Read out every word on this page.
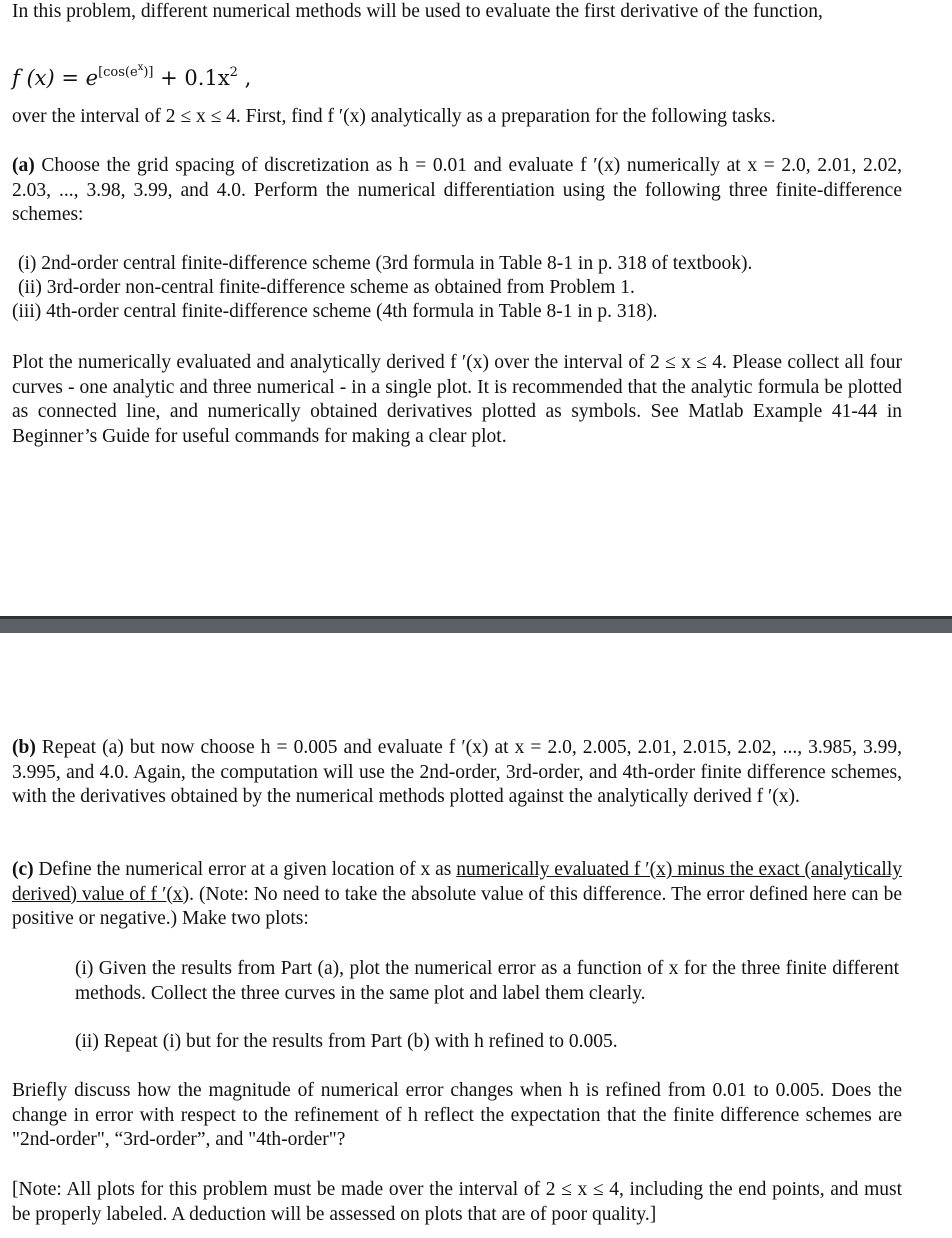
In this problem, different numerical methods will be used to evaluate the first derivative of the function,

f $(x) = e[\cos(ex)] + 0.1x^2$ ,

over the interval of 2 ≤ x ≤ 4. First, find f ′(x) analytically as a preparation for the following tasks.

(a) Choose the grid spacing of discretization as h = 0.01 and evaluate f ′(x) numerically at x = 2.0, 2.01, 2.02, 2.03, ..., 3.98, 3.99, and 4.0. Perform the numerical differentiation using the following three finite-difference schemes:

(i) 2nd-order central finite-difference scheme (3rd formula in Table 8-1 in p. 318 of textbook).

(ii) 3rd-order non-central finite-difference scheme as obtained from Problem 1.

(iii) 4th-order central finite-difference scheme (4th formula in Table 8-1 in p. 318).

Plot the numerically evaluated and analytically derived f ′(x) over the interval of 2 ≤ x ≤ 4. Please collect all four curves - one analytic and three numerical - in a single plot. It is recommended that the analytic formula be plotted as connected line, and numerically obtained derivatives plotted as symbols. See Matlab Example 41-44 in Beginner’s Guide for useful commands for making a clear plot.

(b) Repeat (a) but now choose h = 0.005 and evaluate f ′(x) at x = 2.0, 2.005, 2.01, 2.015, 2.02, ..., 3.985, 3.99, 3.995, and 4.0. Again, the computation will use the 2nd-order, 3rd-order, and 4th-order finite difference schemes, with the derivatives obtained by the numerical methods plotted against the analytically derived f ′(x).

(c) Define the numerical error at a given location of x as numerically evaluated f ′(x) minus the exact (analytically derived) value of f ′(x). (Note: No need to take the absolute value of this difference. The error defined here can be positive or negative.) Make two plots:

(i) Given the results from Part (a), plot the numerical error as a function of x for the three finite different methods. Collect the three curves in the same plot and label them clearly.

(ii) Repeat (i) but for the results from Part (b) with h refined to 0.005.

Briefly discuss how the magnitude of numerical error changes when h is refined from 0.01 to 0.005. Does the change in error with respect to the refinement of h reflect the expectation that the finite difference schemes are "2nd-order", “3rd-order”, and "4th-order"?

[Note: All plots for this problem must be made over the interval of 2 ≤ x ≤ 4, including the end points, and must be properly labeled. A deduction will be assessed on plots that are of poor quality.]
